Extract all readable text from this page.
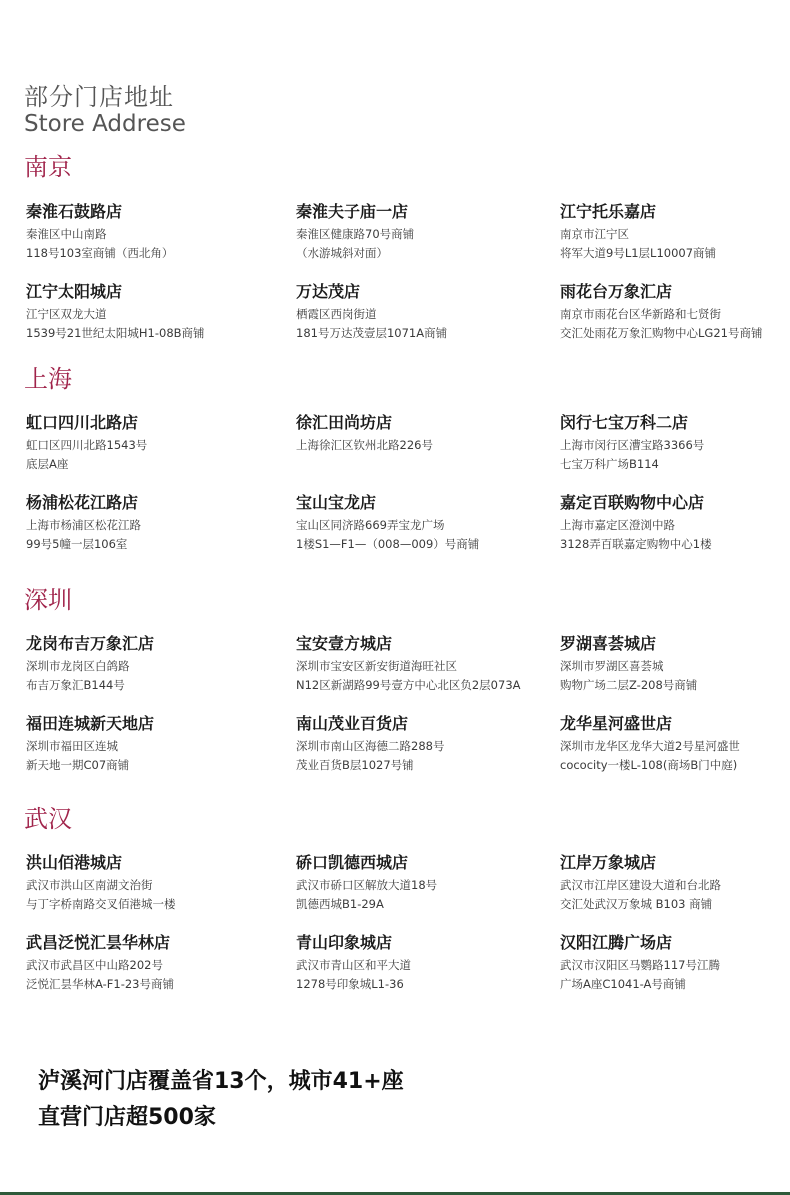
部分门店地址
Store Addrese
南京
秦淮石鼓路店
秦淮区中山南路
118号103室商铺（西北角）
秦淮夫子庙一店
秦淮区健康路70号商铺
（水游城斜对面）
江宁托乐嘉店
南京市江宁区
将军大道9号L1层L10007商铺
江宁太阳城店
江宁区双龙大道
1539号21世纪太阳城H1-08B商铺
万达茂店
栖霞区西岗街道
181号万达茂壹层1071A商铺
雨花台万象汇店
南京市雨花台区华新路和七贤街
交汇处雨花万象汇购物中心LG21号商铺
上海
虹口四川北路店
虹口区四川北路1543号
底层A座
徐汇田尚坊店
上海徐汇区钦州北路226号
闵行七宝万科二店
上海市闵行区漕宝路3366号
七宝万科广场B114
杨浦松花江路店
上海市杨浦区松花江路
99号5幢一层106室
宝山宝龙店
宝山区同济路669弄宝龙广场
1楼S1—F1—（008—009）号商铺
嘉定百联购物中心店
上海市嘉定区澄浏中路
3128弄百联嘉定购物中心1楼
深圳
龙岗布吉万象汇店
深圳市龙岗区白鸽路
布吉万象汇B144号
宝安壹方城店
深圳市宝安区新安街道海旺社区
N12区新湖路99号壹方中心北区负2层073A
罗湖喜荟城店
深圳市罗湖区喜荟城
购物广场二层Z-208号商铺
福田连城新天地店
深圳市福田区连城
新天地一期C07商铺
南山茂业百货店
深圳市南山区海德二路288号
茂业百货B层1027号铺
龙华星河盛世店
深圳市龙华区龙华大道2号星河盛世
cococity一楼L-108(商场B门中庭)
武汉
洪山佰港城店
武汉市洪山区南湖文治街
与丁字桥南路交叉佰港城一楼
硚口凯德西城店
武汉市硚口区解放大道18号
凯德西城B1-29A
江岸万象城店
武汉市江岸区建设大道和台北路
交汇处武汉万象城 B103 商铺
武昌泛悦汇昙华林店
武汉市武昌区中山路202号
泛悦汇昙华林A-F1-23号商铺
青山印象城店
武汉市青山区和平大道
1278号印象城L1-36
汉阳江腾广场店
武汉市汉阳区马鹦路117号江腾
广场A座C1041-A号商铺
泸溪河门店覆盖省13个，城市41+座
直营门店超500家
